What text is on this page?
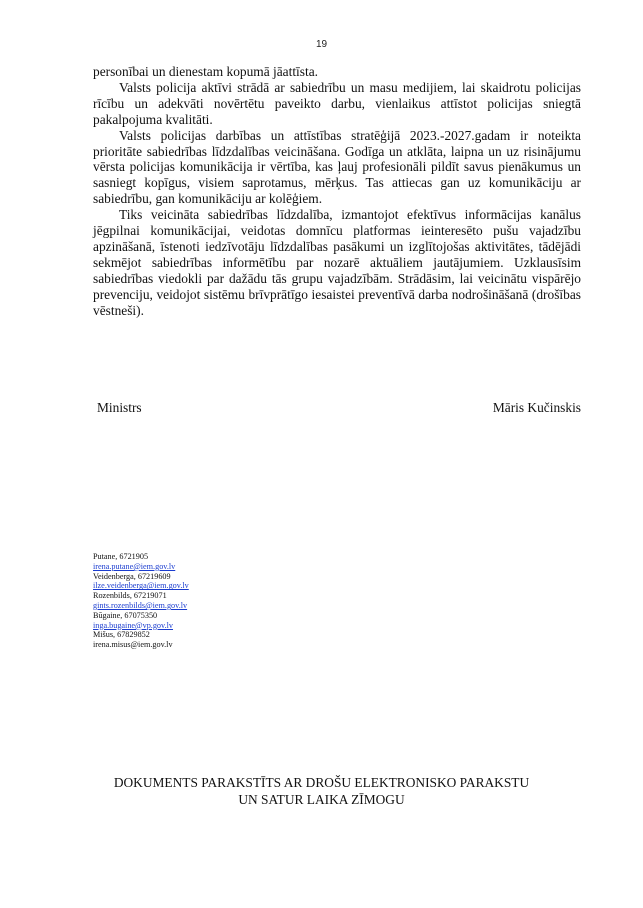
19

personībai un dienestam kopumā jāattīsta.

Valsts policija aktīvi strādā ar sabiedrību un masu medijiem, lai skaidrotu policijas rīcību un adekvāti novērtētu paveikto darbu, vienlaikus attīstot policijas sniegtā pakalpojuma kvalitāti.

Valsts policijas darbības un attīstības stratēģijā 2023.-2027.gadam ir noteikta prioritāte sabiedrības līdzdalības veicināšana. Godīga un atklāta, laipna un uz risinājumu vērsta policijas komunikācija ir vērtība, kas ļauj profesionāli pildīt savus pienākumus un sasniegt kopīgus, visiem saprotamus, mērķus. Tas attiecas gan uz komunikāciju ar sabiedrību, gan komunikāciju ar kolēģiem.

Tiks veicināta sabiedrības līdzdalība, izmantojot efektīvus informācijas kanālus jēgpilnai komunikācijai, veidotas domnīcu platformas ieinteresēto pušu vajadzību apzināšanā, īstenoti iedzīvotāju līdzdalības pasākumi un izglītojošas aktivitātes, tādējādi sekmējot sabiedrības informētību par nozarē aktuāliem jautājumiem. Uzklausīsim sabiedrības viedokli par dažādu tās grupu vajadzībām. Strādāsim, lai veicinātu vispārējo prevenciju, veidojot sistēmu brīvprātīgo iesaistei preventīvā darba nodrošināšanā (drošības vēstneši).

Ministrs	Māris Kučinskis
Putane, 6721905
irena.putane@iem.gov.lv
Veidenberga, 67219609
ilze.veidenberga@iem.gov.lv
Rozenbilds, 67219071
gints.rozenbilds@iem.gov.lv
Būgaine, 67075350
inga.bugaine@vp.gov.lv
Mišus, 67829852
irena.misus@iem.gov.lv
DOKUMENTS PARAKSTĪTS AR DROŠU ELEKTRONISKO PARAKSTU
UN SATUR LAIKA ZĪMOGU
